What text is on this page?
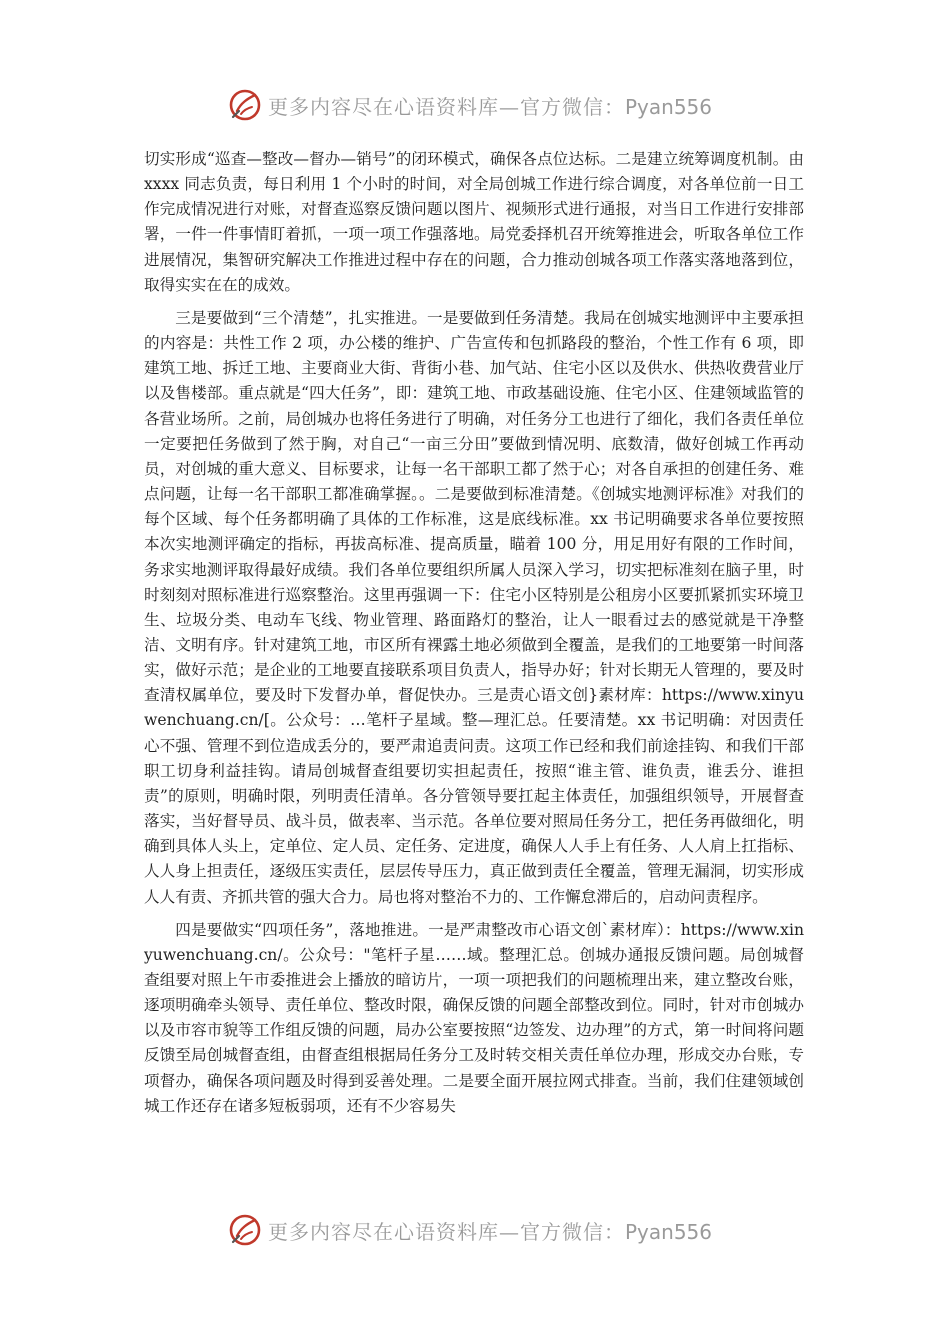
更多内容尽在心语资料库—官方微信：Pyan556

切实形成“巡查—整改—督办—销号”的闭环模式，确保各点位达标。二是建立统筹调度机制。由 xxxx 同志负责，每日利用 1 个小时的时间，对全局创城工作进行综合调度，对各单位前一日工作完成情况进行对账，对督查巡察反馈问题以图片、视频形式进行通报，对当日工作进行安排部署，一件一件事情盯着抓，一项一项工作强落地。局党委择机召开统筹推进会，听取各单位工作进展情况，集智研究解决工作推进过程中存在的问题，合力推动创城各项工作落实落地落到位，取得实实在在的成效。

三是要做到“三个清楚”，扎实推进。一是要做到任务清楚。我局在创城实地测评中主要承担的内容是：共性工作 2 项，办公楼的维护、广告宣传和包抓路段的整治，个性工作有 6 项，即建筑工地、拆迁工地、主要商业大街、背街小巷、加气站、住宅小区以及供水、供热收费营业厅以及售楼部。重点就是“四大任务”，即：建筑工地、市政基础设施、住宅小区、住建领域监管的各营业场所。之前，局创城办也将任务进行了明确，对任务分工也进行了细化，我们各责任单位一定要把任务做到了然于胸，对自己“一亩三分田”要做到情况明、底数清，做好创城工作再动员，对创城的重大意义、目标要求，让每一名干部职工都了然于心；对各自承担的创建任务、难点问题，让每一名干部职工都准确掌握。。二是要做到标准清楚。《创城实地测评标准》对我们的每个区域、每个任务都明确了具体的工作标准，这是底线标准。xx 书记明确要求各单位要按照本次实地测评确定的指标，再拔高标准、提高质量，瞄着 100 分，用足用好有限的工作时间，务求实地测评取得最好成绩。我们各单位要组织所属人员深入学习，切实把标准刻在脑子里，时时刻刻对照标准进行巡察整治。这里再强调一下：住宅小区特别是公租房小区要抓紧抓实环境卫生、垃圾分类、电动车飞线、物业管理、路面路灯的整治，让人一眼看过去的感觉就是干净整洁、文明有序。针对建筑工地，市区所有裸露土地必须做到全覆盖，是我们的工地要第一时间落实，做好示范；是企业的工地要直接联系项目负责人，指导办好；针对长期无人管理的，要及时查清权属单位，要及时下发督办单，督促快办。三是责心语文创}素材库：https://www.xinyuwenchuang.cn/[。公众号：…笔杆子星域。整—理汇总。任要清楚。xx 书记明确：对因责任心不强、管理不到位造成丢分的，要严肃追责问责。这项工作已经和我们前途挂钩、和我们干部职工切身利益挂钩。请局创城督查组要切实担起责任，按照“谁主管、谁负责，谁丢分、谁担责”的原则，明确时限，列明责任清单。各分管领导要扛起主体责任，加强组织领导，开展督查落实，当好督导员、战斗员，做表率、当示范。各单位要对照局任务分工，把任务再做细化，明确到具体人头上，定单位、定人员、定任务、定进度，确保人人手上有任务、人人肩上扛指标、人人身上担责任，逐级压实责任，层层传导压力，真正做到责任全覆盖，管理无漏洞，切实形成人人有责、齐抓共管的强大合力。局也将对整治不力的、工作懈怠滞后的，启动问责程序。

四是要做实“四项任务”，落地推进。一是严肃整改市心语文创`素材库）：https://www.xinyuwenchuang.cn/。公众号："笔杆子星……域。整理汇总。创城办通报反馈问题。局创城督查组要对照上午市委推进会上播放的暗访片，一项一项把我们的问题梳理出来，建立整改台账，逐项明确牵头领导、责任单位、整改时限，确保反馈的问题全部整改到位。同时，针对市创城办以及市容市貌等工作组反馈的问题，局办公室要按照“边签发、边办理”的方式，第一时间将问题反馈至局创城督查组，由督查组根据局任务分工及时转交相关责任单位办理，形成交办台账，专项督办，确保各项问题及时得到妥善处理。二是要全面开展拉网式排查。当前，我们住建领域创城工作还存在诸多短板弱项，还有不少容易失

更多内容尽在心语资料库—官方微信：Pyan556
